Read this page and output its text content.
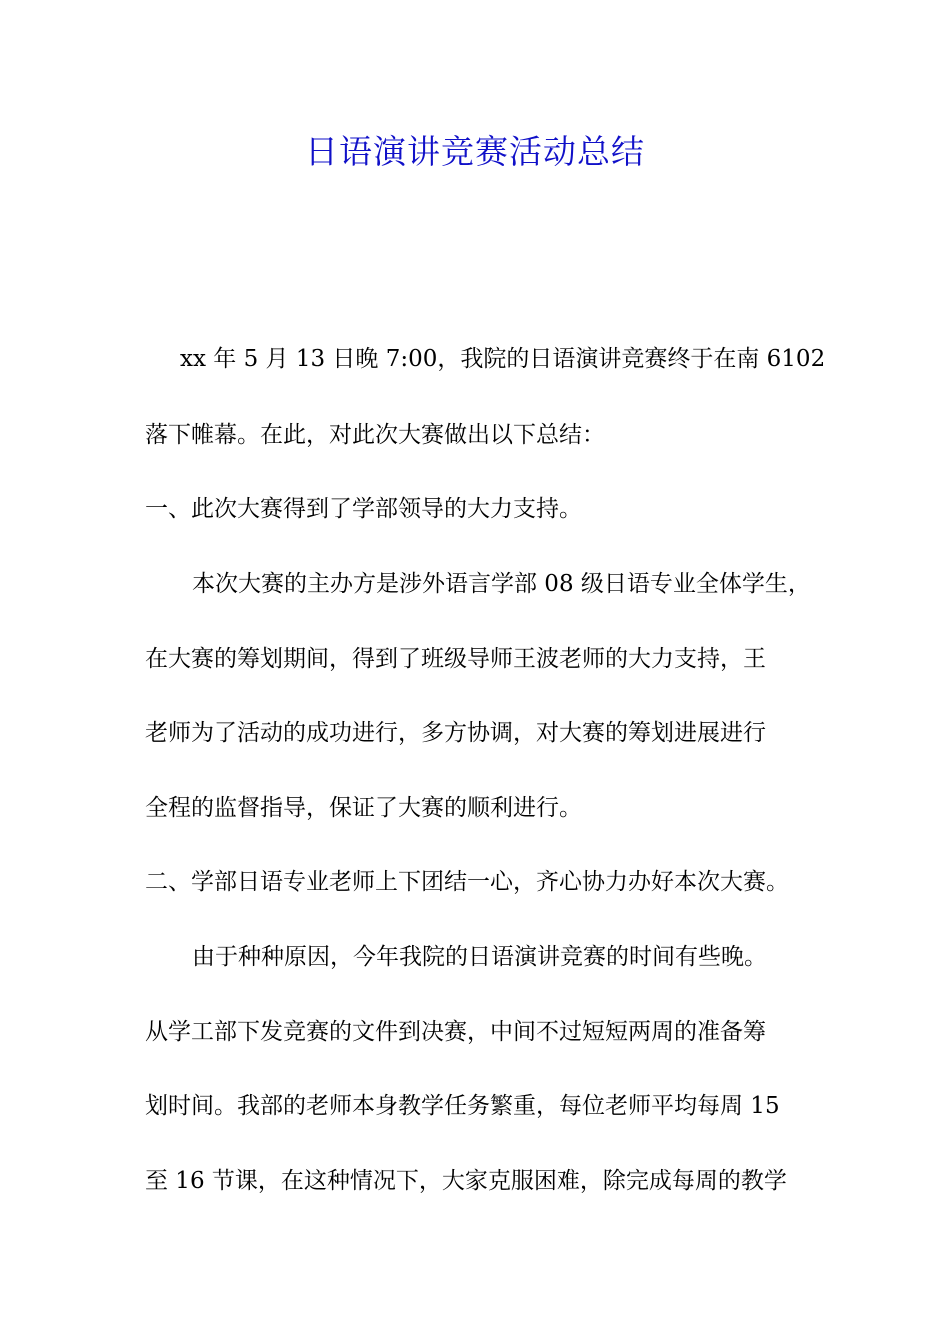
日语演讲竞赛活动总结
xx 年 5 月 13 日晚 7:00，我院的日语演讲竞赛终于在南 6102
落下帷幕。在此，对此次大赛做出以下总结：
一、此次大赛得到了学部领导的大力支持。
本次大赛的主办方是涉外语言学部 08 级日语专业全体学生，
在大赛的筹划期间，得到了班级导师王波老师的大力支持，王
老师为了活动的成功进行，多方协调，对大赛的筹划进展进行
全程的监督指导，保证了大赛的顺利进行。
二、学部日语专业老师上下团结一心，齐心协力办好本次大赛。
由于种种原因，今年我院的日语演讲竞赛的时间有些晚。
从学工部下发竞赛的文件到决赛，中间不过短短两周的准备筹
划时间。我部的老师本身教学任务繁重，每位老师平均每周 15
至 16 节课，在这种情况下，大家克服困难，除完成每周的教学
